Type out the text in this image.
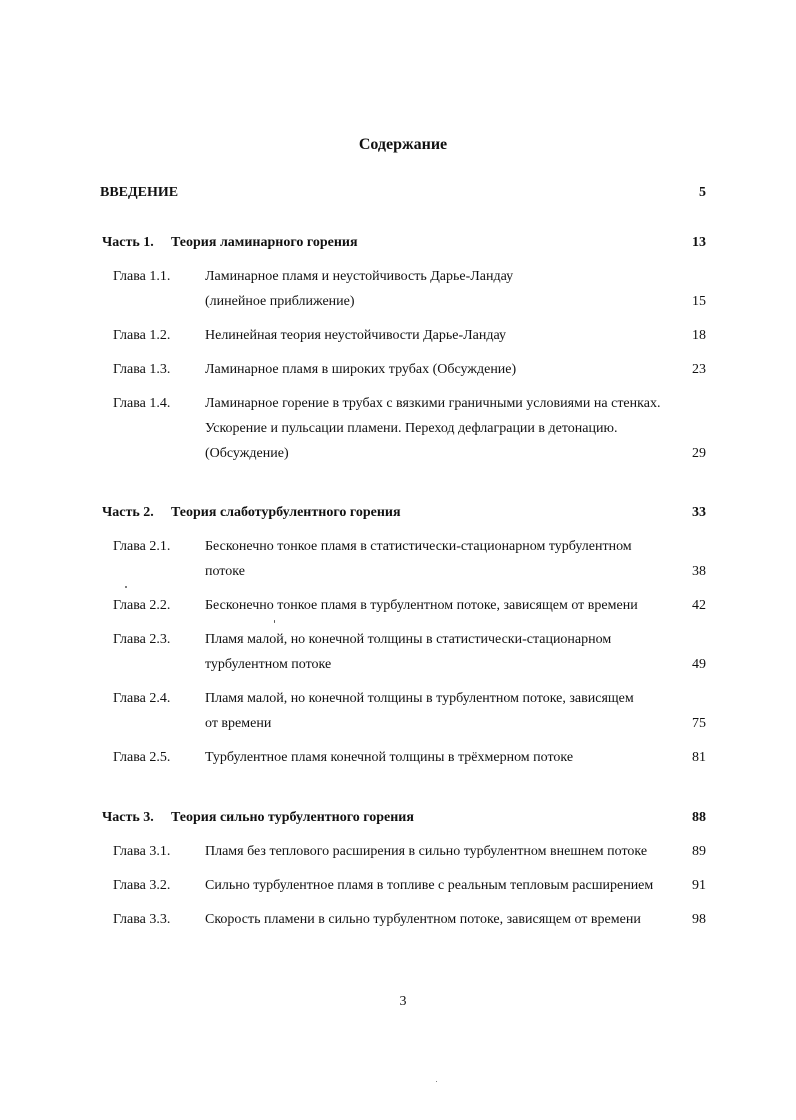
Содержание
ВВЕДЕНИЕ	5
Часть 1. Теория ламинарного горения	13
Глава 1.1. Ламинарное пламя и неустойчивость Дарье-Ландау
(линейное приближение)	15
Глава 1.2. Нелинейная теория неустойчивости Дарье-Ландау	18
Глава 1.3. Ламинарное пламя в широких трубах (Обсуждение)	23
Глава 1.4. Ламинарное горение в трубах с вязкими граничными условиями на стенках.
Ускорение и пульсации пламени. Переход дефлаграции в детонацию.
(Обсуждение)	29
Часть 2. Теория слаботурбулентного горения	33
Глава 2.1. Бесконечно тонкое пламя в статистически-стационарном турбулентном
потоке	38
Глава 2.2. Бесконечно тонкое пламя в турбулентном потоке, зависящем от времени	42
Глава 2.3. Пламя малой, но конечной толщины в статистически-стационарном
турбулентном потоке	49
Глава 2.4. Пламя малой, но конечной толщины в турбулентном потоке, зависящем
от времени	75
Глава 2.5. Турбулентное пламя конечной толщины в трёхмерном потоке	81
Часть 3. Теория сильно турбулентного горения	88
Глава 3.1. Пламя без теплового расширения в сильно турбулентном внешнем потоке	89
Глава 3.2. Сильно турбулентное пламя в топливе с реальным тепловым расширением	91
Глава 3.3. Скорость пламени в сильно турбулентном потоке, зависящем от времени	98
3
